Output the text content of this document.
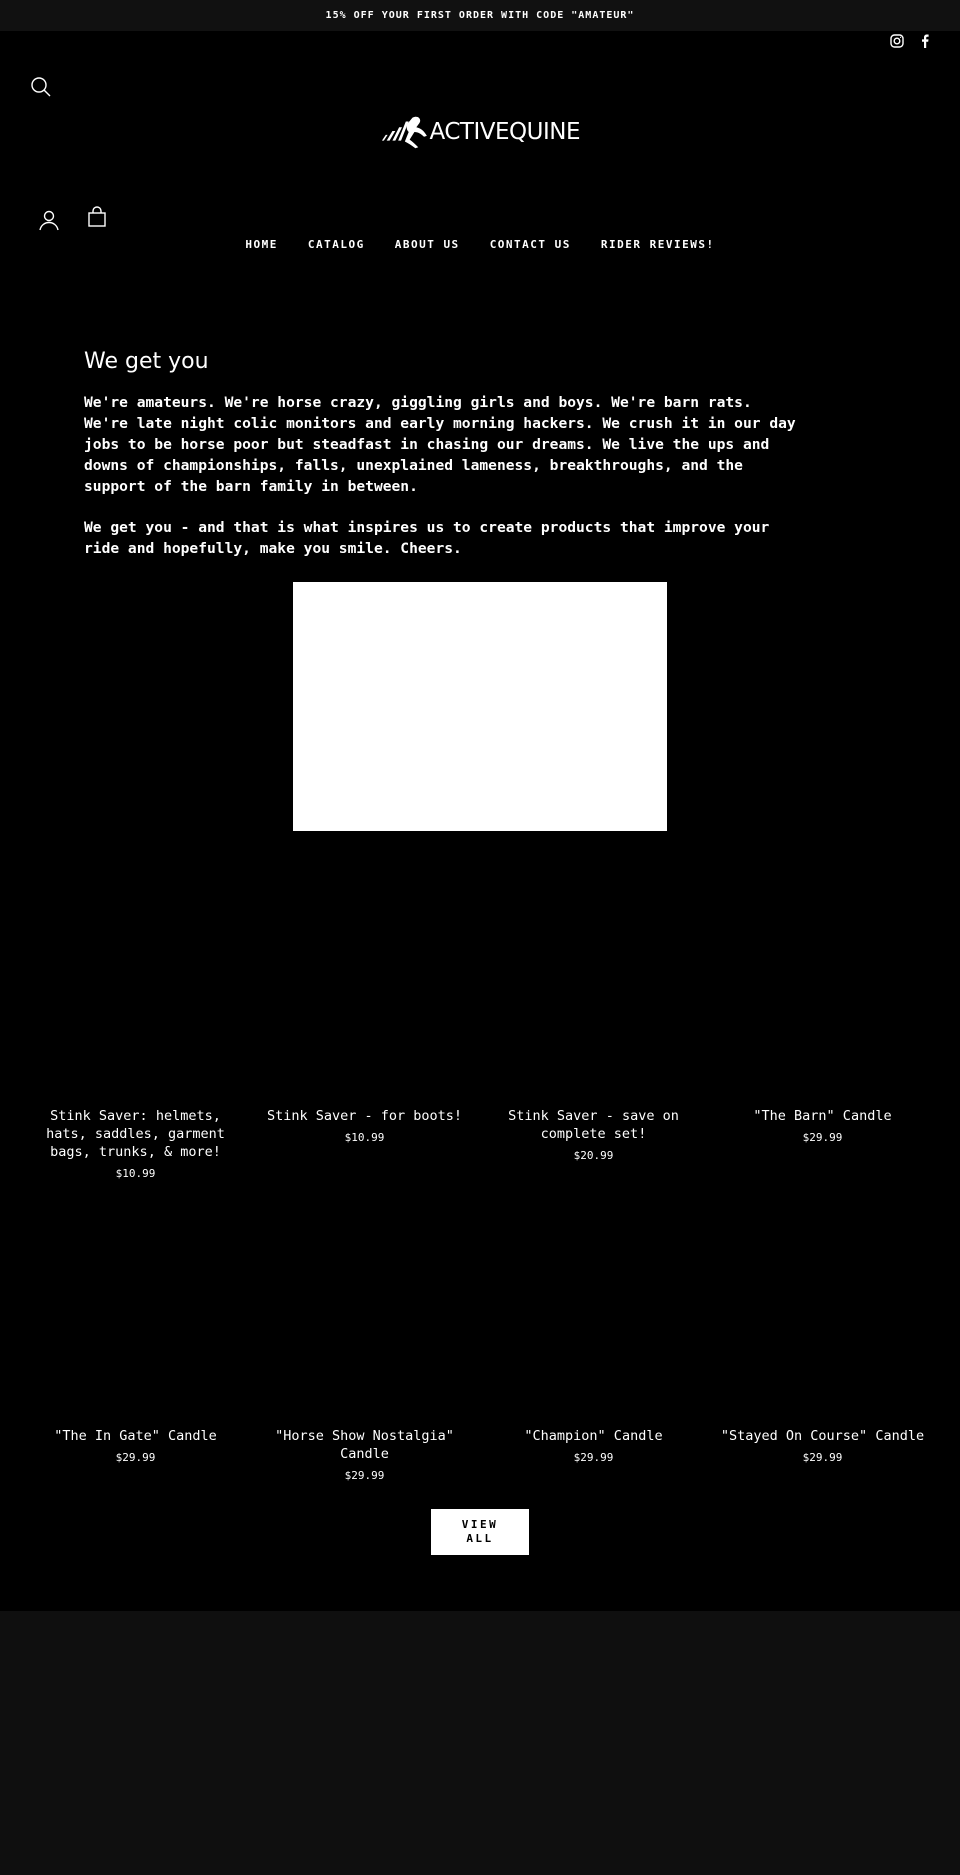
15% OFF YOUR FIRST ORDER WITH CODE "AMATEUR"
ACTIVEQUINE
HOME	CATALOG	ABOUT US	CONTACT US	RIDER REVIEWS!
We get you

We're amateurs. We're horse crazy, giggling girls and boys. We're barn rats. We're late night colic monitors and early morning hackers. We crush it in our day jobs to be horse poor but steadfast in chasing our dreams. We live the ups and downs of championships, falls, unexplained lameness, breakthroughs, and the support of the barn family in between.

We get you - and that is what inspires us to create products that improve your ride and hopefully, make you smile. Cheers.

Stink Saver: helmets, hats, saddles, garment bags, trunks, & more!
$10.99
Stink Saver - for boots!
$10.99
Stink Saver - save on complete set!
$20.99
"The Barn" Candle
$29.99
"The In Gate" Candle
$29.99
"Horse Show Nostalgia" Candle
$29.99
"Champion" Candle
$29.99
"Stayed On Course" Candle
$29.99
VIEW ALL
